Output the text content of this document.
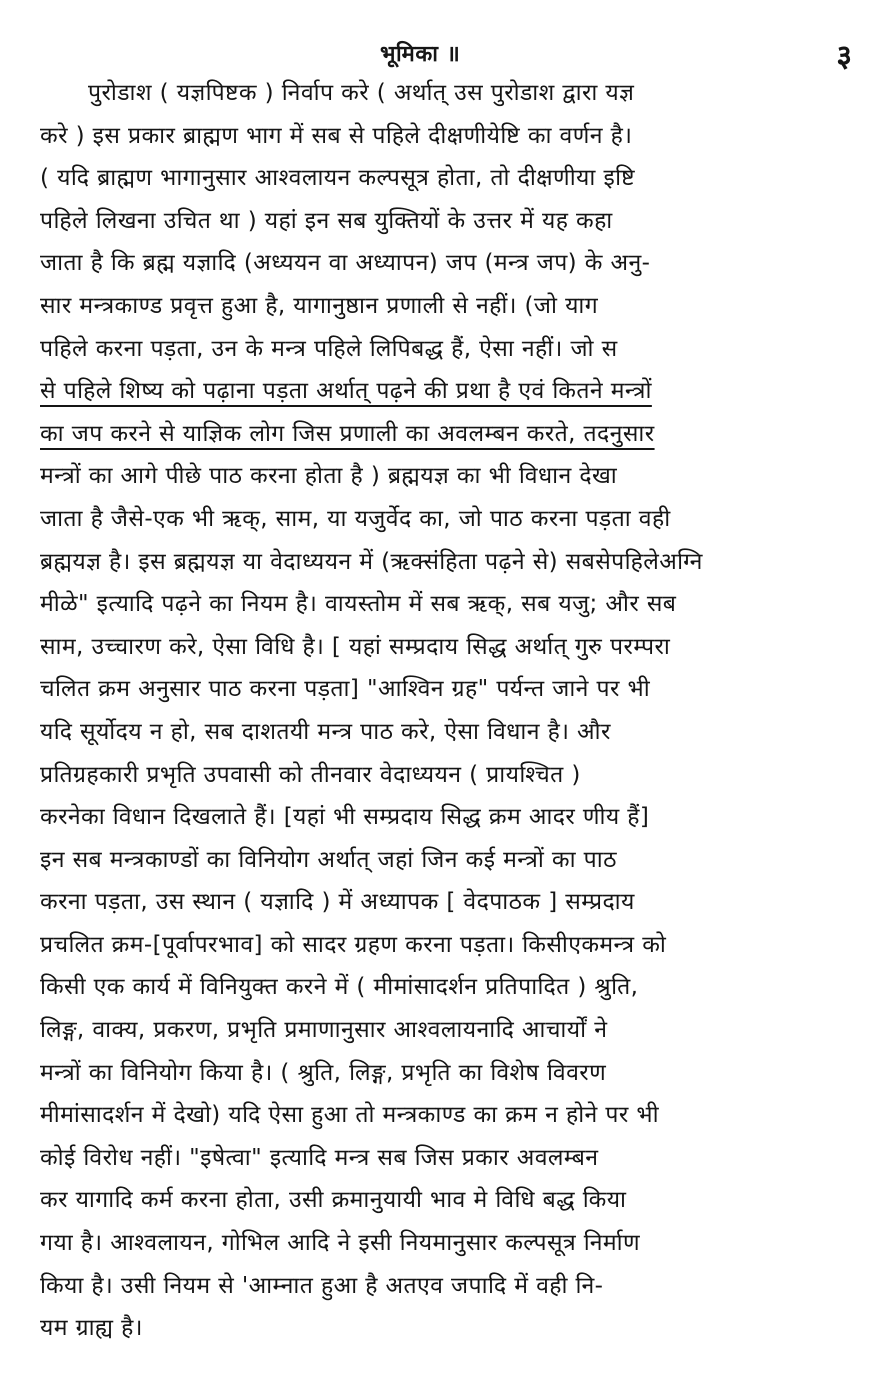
भूमिका ॥	३
पुरोडाश ( यज्ञपिष्टक ) निर्वाप करे ( अर्थात् उस पुरोडाश द्वारा यज्ञ
करे ) इस प्रकार ब्राह्मण भाग में सब से पहिले दीक्षणीयेष्टि का वर्णन है।
( यदि ब्राह्मण भागानुसार आश्वलायन कल्पसूत्र होता, तो दीक्षणीया इष्टि
पहिले लिखना उचित था ) यहां इन सब युक्तियों के उत्तर में यह कहा
जाता है कि ब्रह्म यज्ञादि (अध्ययन वा अध्यापन) जप (मन्त्र जप) के अनु-
सार मन्त्रकाण्ड प्रवृत्त हुआ है, यागानुष्ठान प्रणाली से नहीं। (जो याग
पहिले करना पड़ता, उन के मन्त्र पहिले लिपिबद्ध हैं, ऐसा नहीं। जो स
से पहिले शिष्य को पढ़ाना पड़ता अर्थात् पढ़ने की प्रथा है एवं कितने मन्त्रों
का जप करने से याज्ञिक लोग जिस प्रणाली का अवलम्बन करते, तदनुसार
मन्त्रों का आगे पीछे पाठ करना होता है ) ब्रह्मयज्ञ का भी विधान देखा
जाता है जैसे-एक भी ऋक्, साम, या यजुर्वेद का, जो पाठ करना पड़ता वही
ब्रह्मयज्ञ है। इस ब्रह्मयज्ञ या वेदाध्ययन में (ऋक्संहिता पढ़ने से) सबसेपहिलेअग्नि
मीळे" इत्यादि पढ़ने का नियम है। वायस्तोम में सब ऋक्, सब यजु; और सब
साम, उच्चारण करे, ऐसा विधि है। [ यहां सम्प्रदाय सिद्ध अर्थात् गुरु परम्परा
चलित क्रम अनुसार पाठ करना पड़ता] "आश्विन ग्रह" पर्यन्त जाने पर भी
यदि सूर्योदय न हो, सब दाशतयी मन्त्र पाठ करे, ऐसा विधान है। और
प्रतिग्रहकारी प्रभृति उपवासी को तीनवार वेदाध्ययन ( प्रायश्चित )
करनेका विधान दिखलाते हैं। [यहां भी सम्प्रदाय सिद्ध क्रम आदर णीय हैं]
इन सब मन्त्रकाण्डों का विनियोग अर्थात् जहां जिन कई मन्त्रों का पाठ
करना पड़ता, उस स्थान ( यज्ञादि ) में अध्यापक [ वेदपाठक ] सम्प्रदाय
प्रचलित क्रम-[पूर्वापरभाव] को सादर ग्रहण करना पड़ता। किसीएकमन्त्र को
किसी एक कार्य में विनियुक्त करने में ( मीमांसादर्शन प्रतिपादित ) श्रुति,
लिङ्ग, वाक्य, प्रकरण, प्रभृति प्रमाणानुसार आश्वलायनादि आचार्यों ने
मन्त्रों का विनियोग किया है। ( श्रुति, लिङ्ग, प्रभृति का विशेष विवरण
मीमांसादर्शन में देखो) यदि ऐसा हुआ तो मन्त्रकाण्ड का क्रम न होने पर भी
कोई विरोध नहीं। "इषेत्वा" इत्यादि मन्त्र सब जिस प्रकार अवलम्बन
कर यागादि कर्म करना होता, उसी क्रमानुयायी भाव मे विधि बद्ध किया
गया है। आश्वलायन, गोभिल आदि ने इसी नियमानुसार कल्पसूत्र निर्माण
किया है। उसी नियम से 'आम्नात हुआ है अतएव जपादि में वही नि-
यम ग्राह्य है।
